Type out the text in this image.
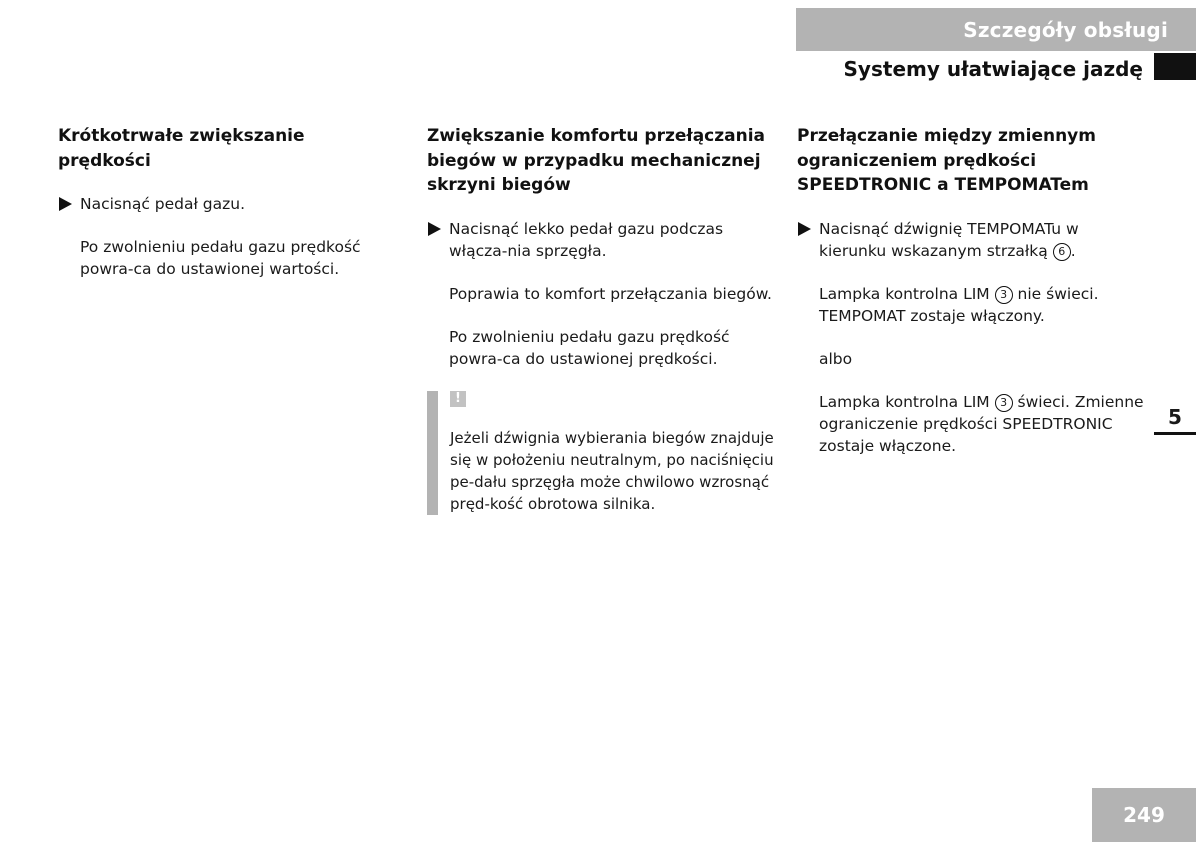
Szczegóły obsługi
Systemy ułatwiające jazdę
Krótkotrwałe zwiększanie prędkości
Nacisnąć pedał gazu.
Po zwolnieniu pedału gazu prędkość powra-ca do ustawionej wartości.
Zwiększanie komfortu przełączania biegów w przypadku mechanicznej skrzyni biegów
Nacisnąć lekko pedał gazu podczas włącza-nia sprzęgła.
Poprawia to komfort przełączania biegów.
Po zwolnieniu pedału gazu prędkość powra-ca do ustawionej prędkości.
!
Jeżeli dźwignia wybierania biegów znajduje się w położeniu neutralnym, po naciśnięciu pe-dału sprzęgła może chwilowo wzrosnąć pręd-kość obrotowa silnika.
Przełączanie między zmiennym ograniczeniem prędkości SPEEDTRONIC a TEMPOMATem
Nacisnąć dźwignię TEMPOMATu w kierunku wskazanym strzałką 6 .
Lampka kontrolna LIM 3 nie świeci.
TEMPOMAT zostaje włączony.
albo
Lampka kontrolna LIM 3 świeci. Zmienne ograniczenie prędkości SPEEDTRONIC zostaje włączone.
5
249
